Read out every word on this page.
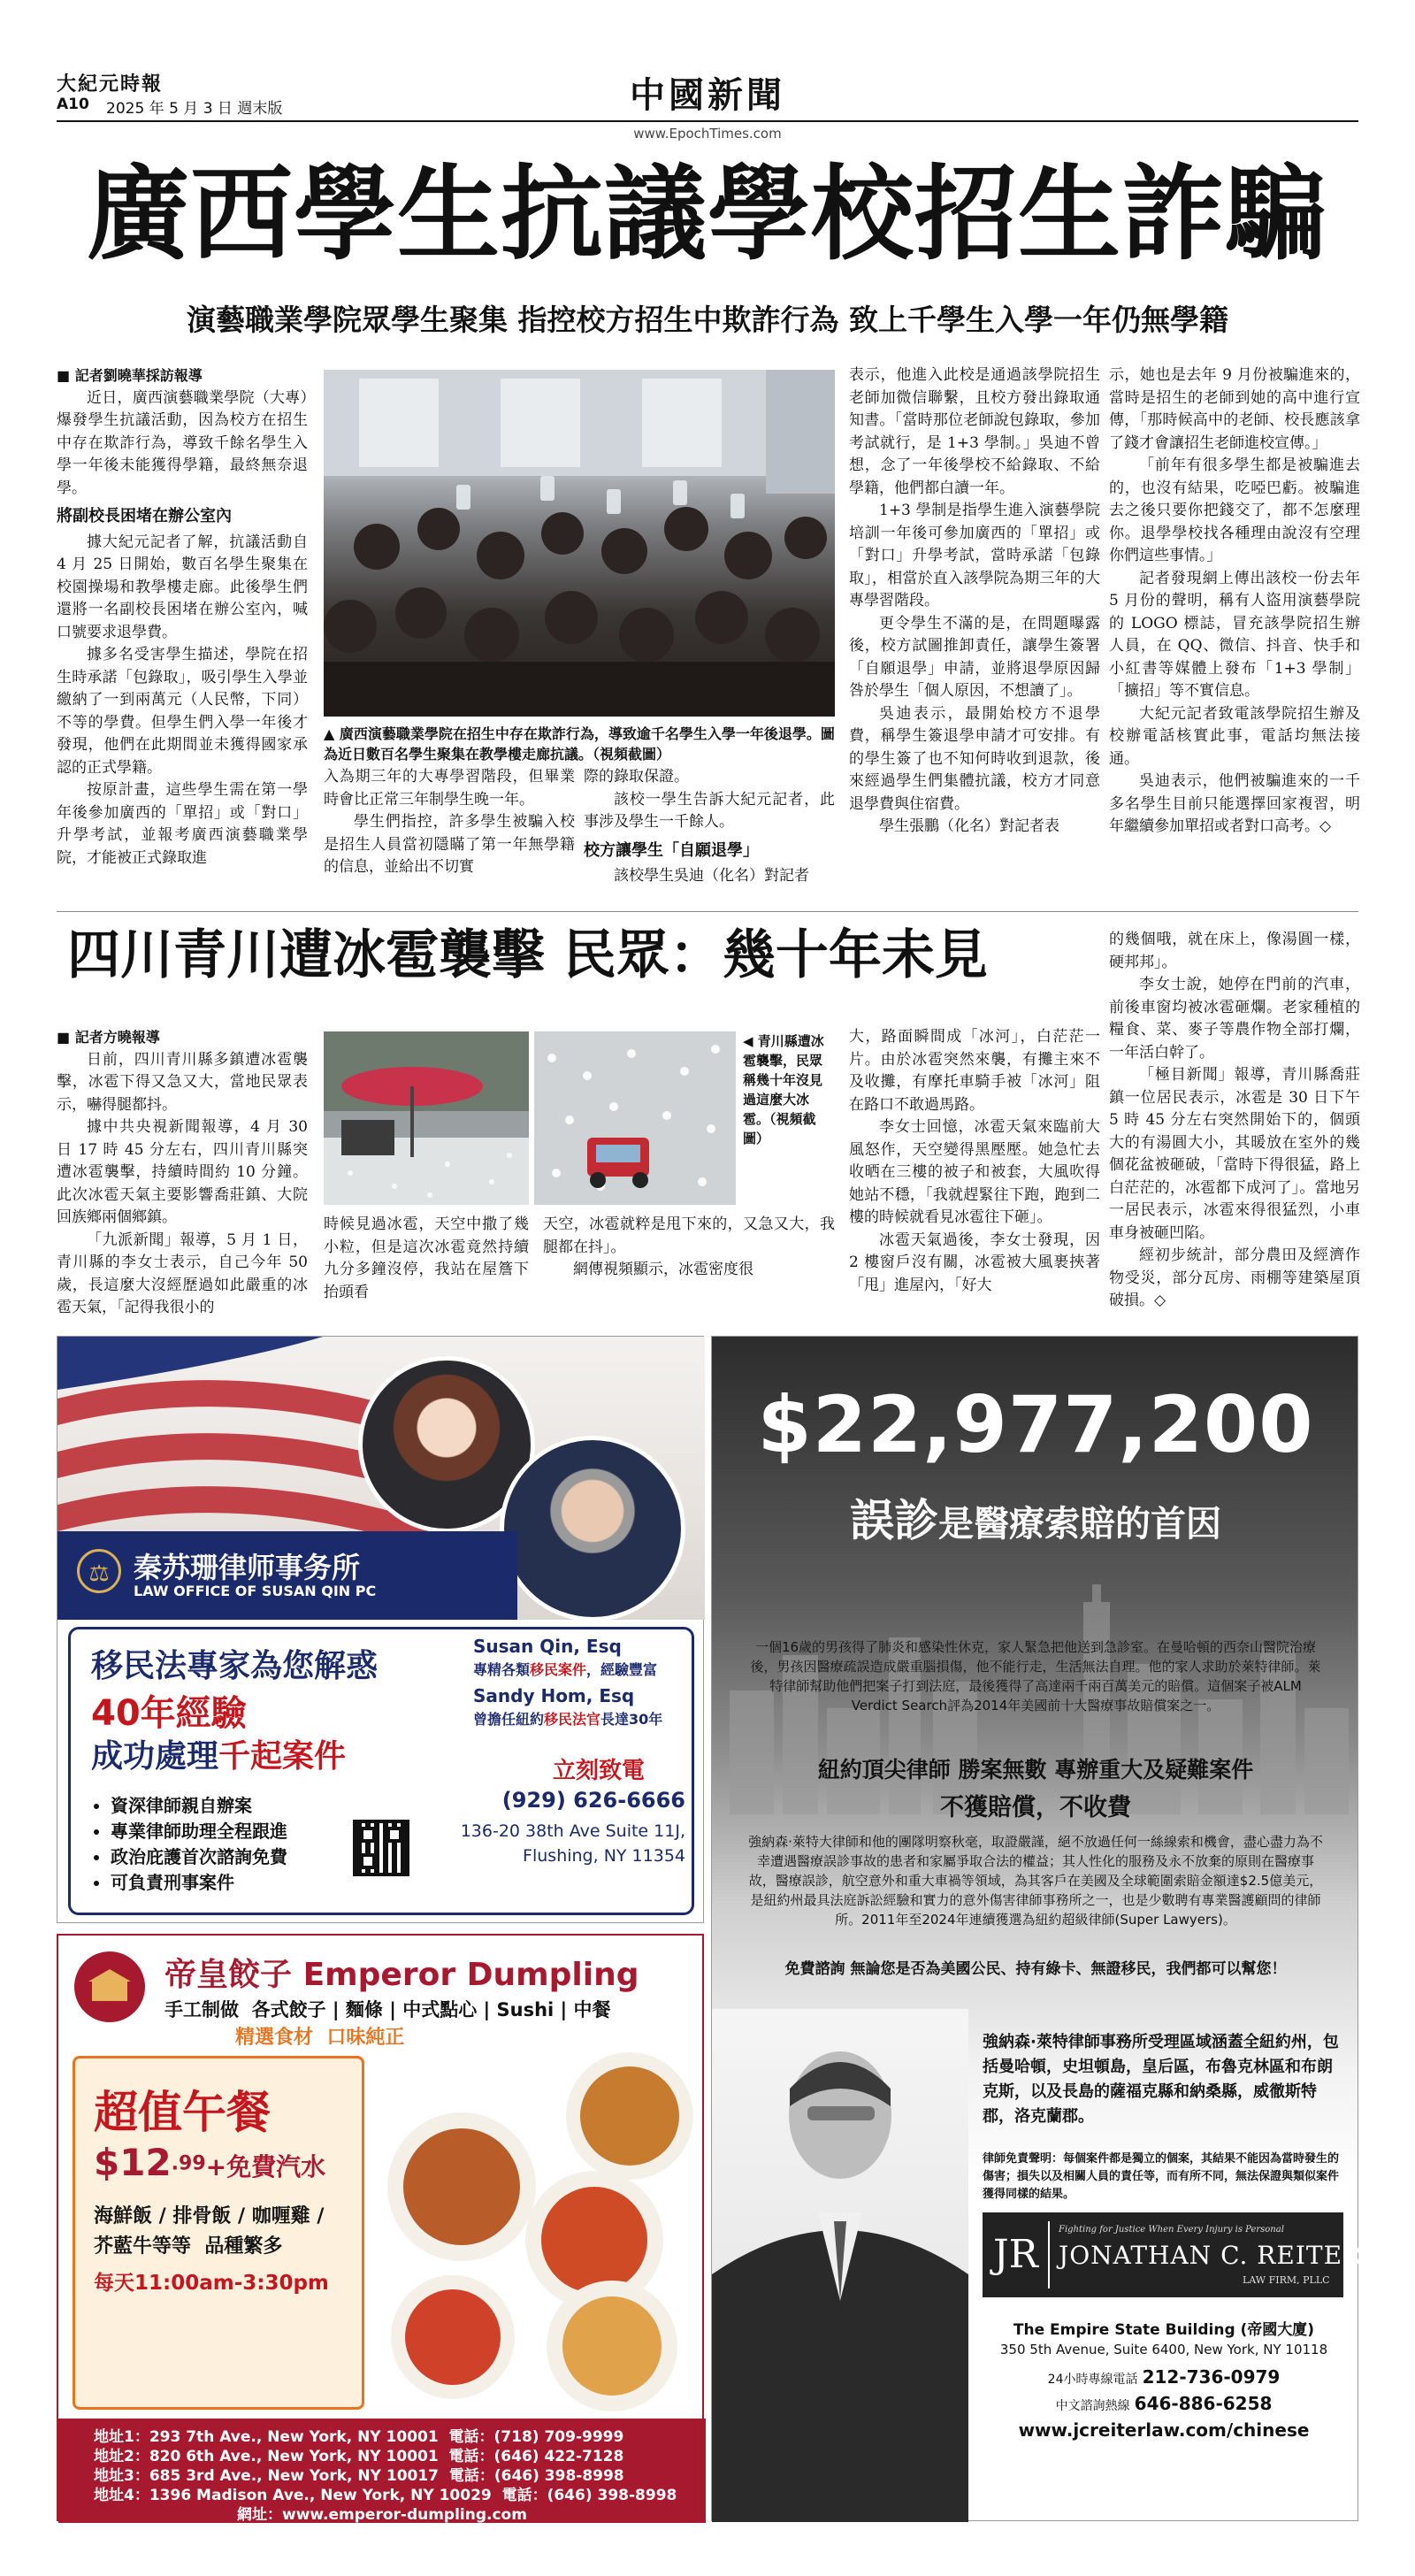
大紀元時報
A10 2025 年 5 月 3 日 週末版	中國新聞
www.EpochTimes.com
廣西學生抗議學校招生詐騙
演藝職業學院眾學生聚集 指控校方招生中欺詐行為 致上千學生入學一年仍無學籍
■ 記者劉曉華採訪報導

近日，廣西演藝職業學院（大專）爆發學生抗議活動，因為校方在招生中存在欺詐行為，導致千餘名學生入學一年後未能獲得學籍，最終無奈退學。

將副校長困堵在辦公室內

據大紀元記者了解，抗議活動自 4 月 25 日開始，數百名學生聚集在校園操場和教學樓走廊。此後學生們還將一名副校長困堵在辦公室內，喊口號要求退學費。

據多名受害學生描述，學院在招生時承諾「包錄取」，吸引學生入學並繳納了一到兩萬元（人民幣，下同）不等的學費。但學生們入學一年後才發現，他們在此期間並未獲得國家承認的正式學籍。

按原計畫，這些學生需在第一學年後參加廣西的「單招」或「對口」升學考試，並報考廣西演藝職業學院，才能被正式錄取進

▲ 廣西演藝職業學院在招生中存在欺詐行為，導致逾千名學生入學一年後退學。圖為近日數百名學生聚集在教學樓走廊抗議。（視頻截圖）

入為期三年的大專學習階段，但畢業時會比正常三年制學生晚一年。

學生們指控，許多學生被騙入校是招生人員當初隱瞞了第一年無學籍的信息，並給出不切實

際的錄取保證。

該校一學生告訴大紀元記者，此事涉及學生一千餘人。

校方讓學生「自願退學」

該校學生吳迪（化名）對記者

表示，他進入此校是通過該學院招生老師加微信聯繫，且校方發出錄取通知書。「當時那位老師說包錄取，參加考試就行，是 1+3 學制。」吳迪不曾想，念了一年後學校不給錄取、不給學籍，他們都白讀一年。

1+3 學制是指學生進入演藝學院培訓一年後可參加廣西的「單招」或「對口」升學考試，當時承諾「包錄取」，相當於直入該學院為期三年的大專學習階段。

更令學生不滿的是，在問題曝露後，校方試圖推卸責任，讓學生簽署「自願退學」申請，並將退學原因歸咎於學生「個人原因，不想讀了」。

吳迪表示，最開始校方不退學費，稱學生簽退學申請才可安排。有的學生簽了也不知何時收到退款，後來經過學生們集體抗議，校方才同意退學費與住宿費。

學生張鵬（化名）對記者表

示，她也是去年 9 月份被騙進來的，當時是招生的老師到她的高中進行宣傳，「那時候高中的老師、校長應該拿了錢才會讓招生老師進校宣傳。」

「前年有很多學生都是被騙進去的，也沒有結果，吃啞巴虧。被騙進去之後只要你把錢交了，都不怎麼理你。退學學校找各種理由說沒有空理你們這些事情。」

記者發現網上傳出該校一份去年 5 月份的聲明，稱有人盜用演藝學院的 LOGO 標誌，冒充該學院招生辦人員，在 QQ、微信、抖音、快手和小紅書等媒體上發布「1+3 學制」「擴招」等不實信息。

大紀元記者致電該學院招生辦及校辦電話核實此事，電話均無法接通。

吳迪表示，他們被騙進來的一千多名學生目前只能選擇回家複習，明年繼續參加單招或者對口高考。◇

四川青川遭冰雹襲擊 民眾：幾十年未見
■ 記者方曉報導

日前，四川青川縣多鎮遭冰雹襲擊，冰雹下得又急又大，當地民眾表示，嚇得腿都抖。

據中共央視新聞報導，4 月 30 日 17 時 45 分左右，四川青川縣突遭冰雹襲擊，持續時間約 10 分鐘。此次冰雹天氣主要影響喬莊鎮、大院回族鄉兩個鄉鎮。

「九派新聞」報導，5 月 1 日，青川縣的李女士表示，自己今年 50 歲，長這麼大沒經歷過如此嚴重的冰雹天氣，「記得我很小的

◀ 青川縣遭冰雹襲擊，民眾稱幾十年沒見過這麼大冰雹。（視頻截圖）

時候見過冰雹，天空中撒了幾小粒，但是這次冰雹竟然持續九分多鐘沒停，我站在屋簷下抬頭看

天空，冰雹就粹是甩下來的，又急又大，我腿都在抖」。

網傳視頻顯示，冰雹密度很

大，路面瞬間成「冰河」，白茫茫一片。由於冰雹突然來襲，有攤主來不及收攤，有摩托車騎手被「冰河」阻在路口不敢過馬路。

李女士回憶，冰雹天氣來臨前大風怒作，天空變得黑壓壓。她急忙去收晒在三樓的被子和被套，大風吹得她站不穩，「我就趕緊往下跑，跑到二樓的時候就看見冰雹往下砸」。

冰雹天氣過後，李女士發現，因 2 樓窗戶沒有關，冰雹被大風裹挾著「甩」進屋內，「好大

的幾個哦，就在床上，像湯圓一樣，硬邦邦」。

李女士說，她停在門前的汽車，前後車窗均被冰雹砸爛。老家種植的糧食、菜、麥子等農作物全部打爛，一年活白幹了。

「極目新聞」報導，青川縣喬莊鎮一位居民表示，冰雹是 30 日下午 5 時 45 分左右突然開始下的，個頭大的有湯圓大小，其暖放在室外的幾個花盆被砸破，「當時下得很猛，路上白茫茫的，冰雹都下成河了」。當地另一居民表示，冰雹來得很猛烈，小車車身被砸凹陷。

經初步統計，部分農田及經濟作物受災，部分瓦房、雨棚等建築屋頂破損。◇

⚖ 秦苏珊律师事务所
LAW OFFICE OF SUSAN QIN PC
移民法專家為您解惑
40年經驗
成功處理千起案件
Susan Qin, Esq
專精各類移民案件，經驗豐富
Sandy Hom, Esq
曾擔任紐約移民法官長達30年
立刻致電
• 資深律師親自辦案
• 專業律師助理全程跟進
• 政治庇護首次諮詢免費
• 可負責刑事案件
(929) 626-6666
136-20 38th Ave Suite 11J,
Flushing, NY 11354
帝皇餃子 Emperor Dumpling
手工制做  各式餃子 | 麵條 | 中式點心 | Sushi | 中餐
精選食材  口味純正
超值午餐
$\$12^{.99}+$免費汽水
海鮮飯 / 排骨飯 / 咖喱雞 /
芥藍牛等等  品種繁多
每天11:00am-3:30pm
地址1：293 7th Ave., New York, NY 10001  電話：(718) 709-9999
地址2：820 6th Ave., New York, NY 10001  電話：(646) 422-7128
地址3：685 3rd Ave., New York, NY 10017  電話：(646) 398-8998
地址4：1396 Madison Ave., New York, NY 10029  電話：(646) 398-8998
網址：www.emperor-dumpling.com
$22,977,200
誤診是醫療索賠的首因
一個16歲的男孩得了肺炎和感染性休克，家人緊急把他送到急診室。在曼哈頓的西奈山醫院治療後，男孩因醫療疏誤造成嚴重腦損傷，他不能行走，生活無法自理。他的家人求助於萊特律師。萊特律師幫助他們把案子打到法庭，最後獲得了高達兩千兩百萬美元的賠償。這個案子被ALM Verdict Search評為2014年美國前十大醫療事故賠償案之一。
紐約頂尖律師 勝案無數 專辦重大及疑難案件
不獲賠償，不收費
強納森·萊特大律師和他的團隊明察秋毫，取證嚴謹，絕不放過任何一絲線索和機會，盡心盡力為不幸遭遇醫療誤診事故的患者和家屬爭取合法的權益；其人性化的服務及永不放棄的原則在醫療事故，醫療誤診，航空意外和重大車禍等領域，為其客戶在美國及全球範圍索賠金額達$2.5億美元，是紐約州最具法庭訴訟經驗和實力的意外傷害律師事務所之一，也是少數聘有專業醫護顧問的律師所。2011年至2024年連續獲選為紐約超級律師(Super Lawyers)。
免費諮詢 無論您是否為美國公民、持有綠卡、無證移民，我們都可以幫您！
強納森·萊特律師事務所受理區域涵蓋全紐約州，包括曼哈頓，史坦頓島，皇后區，布魯克林區和布朗克斯，以及長島的薩福克縣和納桑縣，威徹斯特郡，洛克蘭郡。
律師免責聲明：每個案件都是獨立的個案，其結果不能因為當時發生的傷害；損失以及相關人員的責任等，而有所不同，無法保證與類似案件獲得同樣的結果。
JR
Fighting for Justice When Every Injury is Personal
JONATHAN C. REITER
LAW FIRM, PLLC
The Empire State Building (帝國大廈)
350 5th Avenue, Suite 6400, New York, NY 10118
24小時專線電話 212-736-0979
中文諮詢熱線 646-886-6258
www.jcreiterlaw.com/chinese
